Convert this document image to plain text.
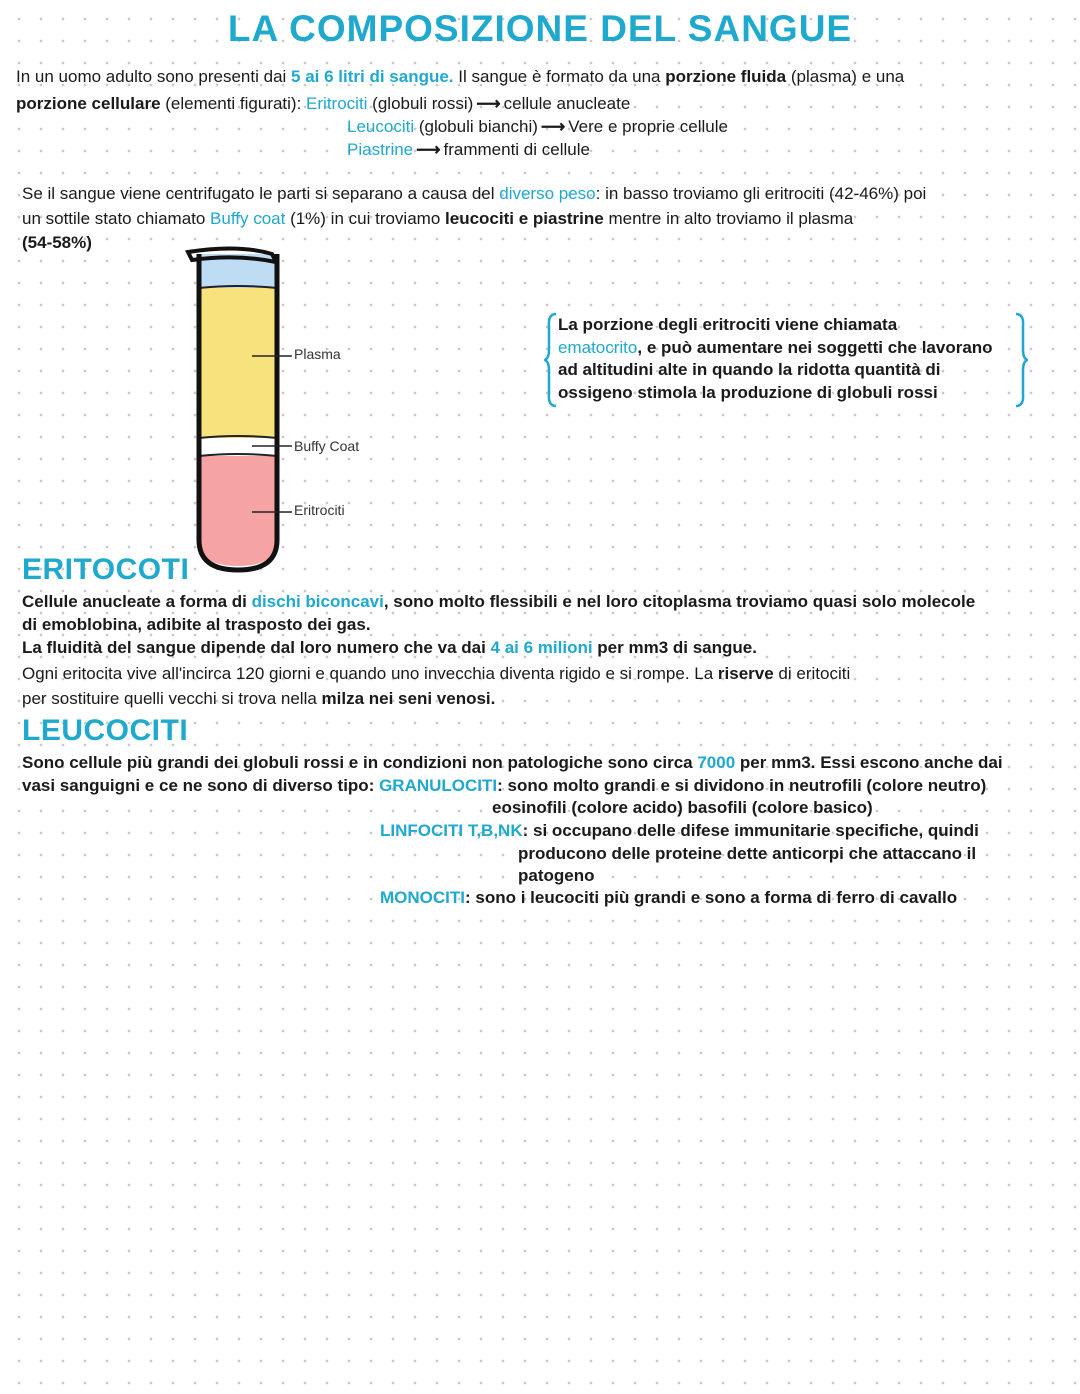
LA COMPOSIZIONE DEL SANGUE
In un uomo adulto sono presenti dai 5 ai 6 litri di sangue. Il sangue è formato da una porzione fluida (plasma) e una
porzione cellulare (elementi figurati): Eritrociti (globuli rossi) ⟶ cellule anucleate
Leucociti (globuli bianchi) ⟶ Vere e proprie cellule
Piastrine ⟶ frammenti di cellule
Se il sangue viene centrifugato le parti si separano a causa del diverso peso: in basso troviamo gli eritrociti (42-46%) poi
un sottile stato chiamato Buffy coat (1%) in cui troviamo leucociti e piastrine mentre in alto troviamo il plasma
(54-58%)
Plasma
Buffy Coat
Eritrociti
La porzione degli eritrociti viene chiamata
ematocrito, e può aumentare nei soggetti che lavorano
ad altitudini alte in quando la ridotta quantità di
ossigeno stimola la produzione di globuli rossi
ERITOCOTI
Cellule anucleate a forma di dischi biconcavi, sono molto flessibili e nel loro citoplasma troviamo quasi solo molecole
di emoblobina, adibite al trasposto dei gas.
La fluidità del sangue dipende dal loro numero che va dai 4 ai 6 milioni per mm3 di sangue.
Ogni eritocita vive all'incirca 120 giorni e quando uno invecchia diventa rigido e si rompe. La riserve di eritociti
per sostituire quelli vecchi si trova nella milza nei seni venosi.
LEUCOCITI
Sono cellule più grandi dei globuli rossi e in condizioni non patologiche sono circa 7000 per mm3. Essi escono anche dai
vasi sanguigni e ce ne sono di diverso tipo: GRANULOCITI: sono molto grandi e si dividono in neutrofili (colore neutro)
eosinofili (colore acido) basofili (colore basico)
LINFOCITI T,B,NK: si occupano delle difese immunitarie specifiche, quindi
producono delle proteine dette anticorpi che attaccano il
patogeno
MONOCITI: sono i leucociti più grandi e sono a forma di ferro di cavallo
